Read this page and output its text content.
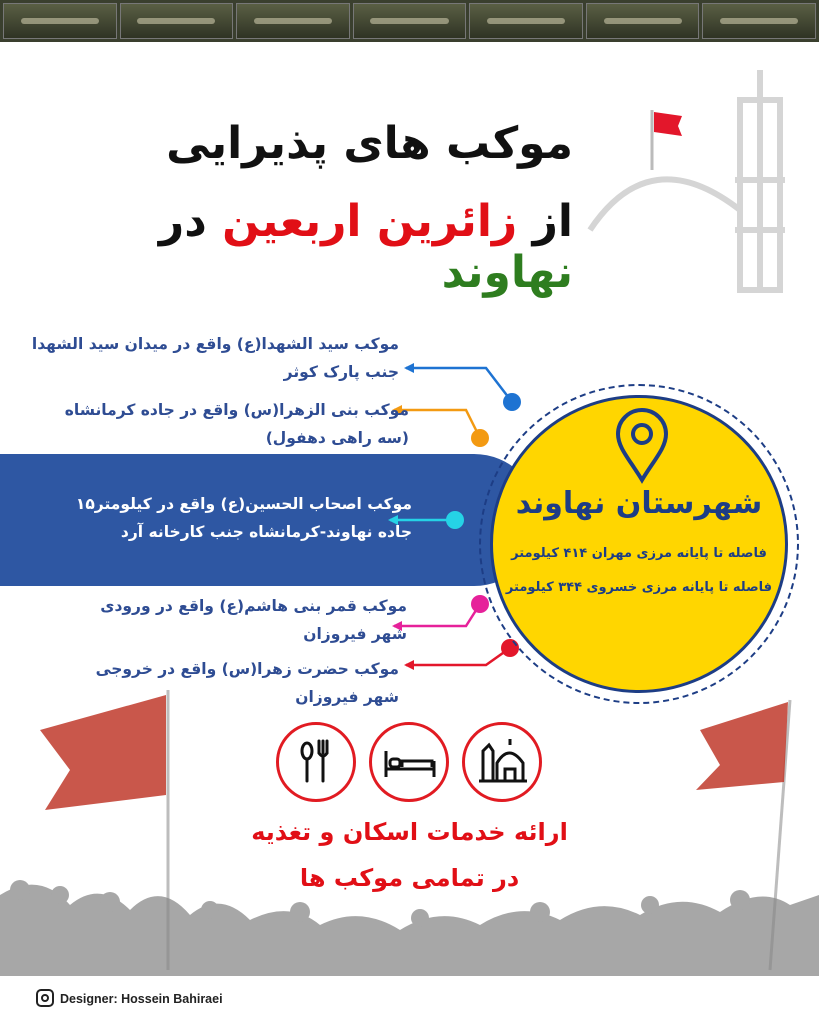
موکب های پذیرایی
از زائرین اربعین در نهاوند
موکب سید الشهدا(ع) واقع در میدان سید الشهدا
جنب پارک کوثر
موکب بنی الزهرا(س) واقع در جاده کرمانشاه
(سه راهی دهفول)
موکب اصحاب الحسین(ع) واقع در کیلومتر۱۵
جاده نهاوند-کرمانشاه جنب کارخانه آرد
موکب قمر بنی هاشم(ع) واقع در ورودی
شهر فیروزان
موکب حضرت زهرا(س) واقع در خروجی
شهر فیروزان
شهرستان نهاوند
فاصله تا پایانه مرزی مهران ۴۱۴ کیلومتر
فاصله تا پایانه مرزی خسروی ۳۴۴ کیلومتر
ارائه خدمات اسکان و تغذیه
در تمامی موکب ها
Designer: Hossein Bahiraei
